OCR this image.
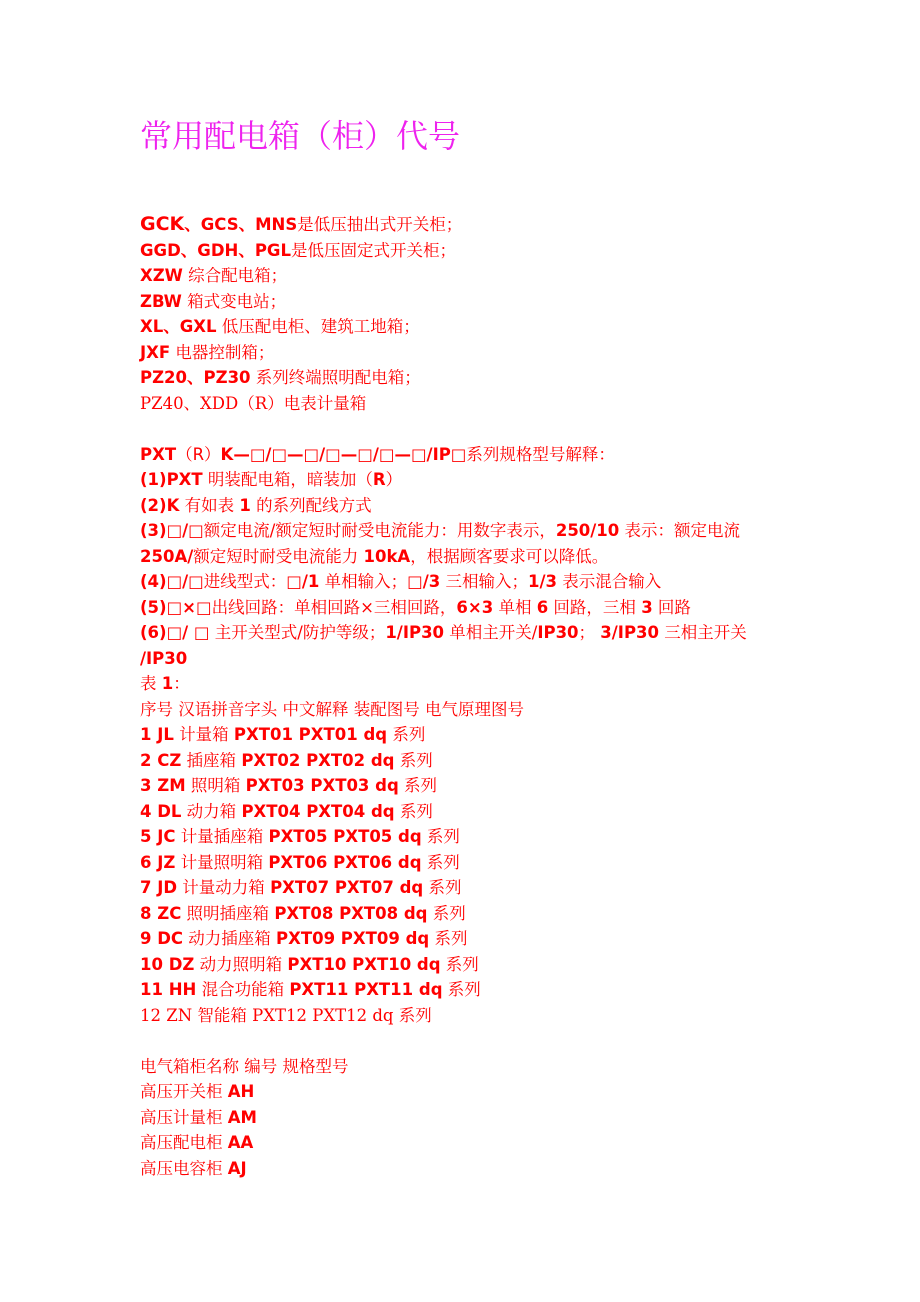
常用配电箱（柜）代号
GCK、GCS、MNS是低压抽出式开关柜；
GGD、GDH、PGL是低压固定式开关柜；
XZW 综合配电箱；
ZBW 箱式变电站；
XL、GXL 低压配电柜、建筑工地箱；
JXF 电器控制箱；
PZ20、PZ30 系列终端照明配电箱；
PZ40、XDD（R）电表计量箱
PXT（R）K—□/□—□/□—□/□—□/IP□系列规格型号解释：
(1)PXT 明装配电箱，暗装加（R）
(2)K 有如表 1 的系列配线方式
(3)□/□额定电流/额定短时耐受电流能力：用数字表示，250/10 表示：额定电流
250A/额定短时耐受电流能力 10kA，根据顾客要求可以降低。
(4)□/□进线型式：□/1 单相输入；□/3 三相输入；1/3 表示混合输入
(5)□×□出线回路：单相回路×三相回路，6×3 单相 6 回路，三相 3 回路
(6)□/ □ 主开关型式/防护等级；1/IP30 单相主开关/IP30； 3/IP30 三相主开关
/IP30
表 1：
序号 汉语拼音字头 中文解释 装配图号 电气原理图号
1 JL 计量箱 PXT01 PXT01 dq 系列
2 CZ 插座箱 PXT02 PXT02 dq 系列
3 ZM 照明箱 PXT03 PXT03 dq 系列
4 DL 动力箱 PXT04 PXT04 dq 系列
5 JC 计量插座箱 PXT05 PXT05 dq 系列
6 JZ 计量照明箱 PXT06 PXT06 dq 系列
7 JD 计量动力箱 PXT07 PXT07 dq 系列
8 ZC 照明插座箱 PXT08 PXT08 dq 系列
9 DC 动力插座箱 PXT09 PXT09 dq 系列
10 DZ 动力照明箱 PXT10 PXT10 dq 系列
11 HH 混合功能箱 PXT11 PXT11 dq 系列
12 ZN 智能箱 PXT12 PXT12 dq 系列
电气箱柜名称 编号 规格型号
高压开关柜 AH
高压计量柜 AM
高压配电柜 AA
高压电容柜 AJ
